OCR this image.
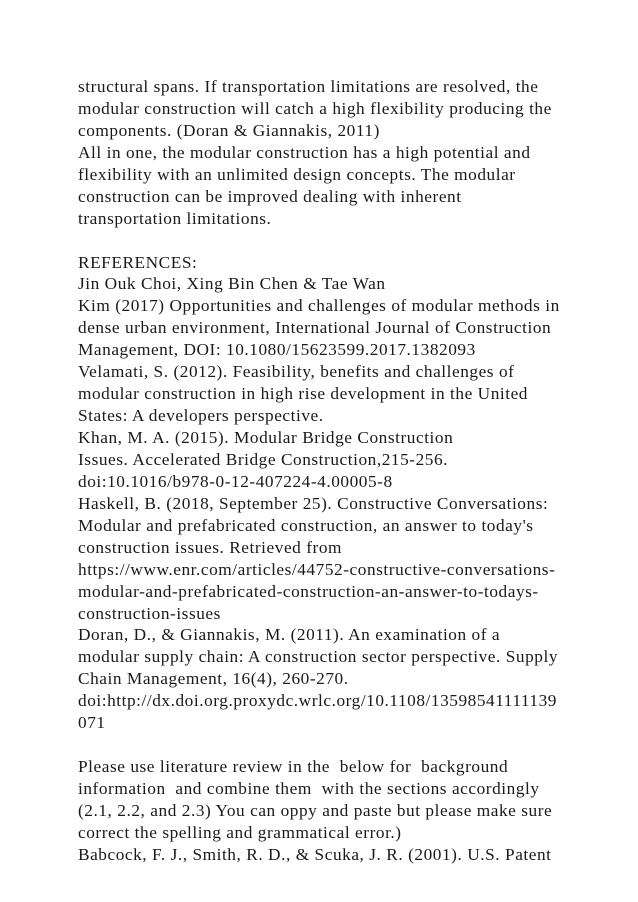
structural spans. If transportation limitations are resolved, the
modular construction will catch a high flexibility producing the
components. (Doran & Giannakis, 2011)
All in one, the modular construction has a high potential and
flexibility with an unlimited design concepts. The modular
construction can be improved dealing with inherent
transportation limitations.
REFERENCES:
Jin Ouk Choi, Xing Bin Chen & Tae Wan
Kim (2017) Opportunities and challenges of modular methods in
dense urban environment, International Journal of Construction
Management, DOI: 10.1080/15623599.2017.1382093
Velamati, S. (2012). Feasibility, benefits and challenges of
modular construction in high rise development in the United
States: A developers perspective.
Khan, M. A. (2015). Modular Bridge Construction
Issues. Accelerated Bridge Construction,215-256.
doi:10.1016/b978-0-12-407224-4.00005-8
Haskell, B. (2018, September 25). Constructive Conversations:
Modular and prefabricated construction, an answer to today's
construction issues. Retrieved from
https://www.enr.com/articles/44752-constructive-conversations-
modular-and-prefabricated-construction-an-answer-to-todays-
construction-issues
Doran, D., & Giannakis, M. (2011). An examination of a
modular supply chain: A construction sector perspective. Supply
Chain Management, 16(4), 260-270.
doi:http://dx.doi.org.proxydc.wrlc.org/10.1108/13598541111139
071
Please use literature review in the  below for  background
information  and combine them  with the sections accordingly
(2.1, 2.2, and 2.3) You can oppy and paste but please make sure
correct the spelling and grammatical error.)
Babcock, F. J., Smith, R. D., & Scuka, J. R. (2001). U.S. Patent
